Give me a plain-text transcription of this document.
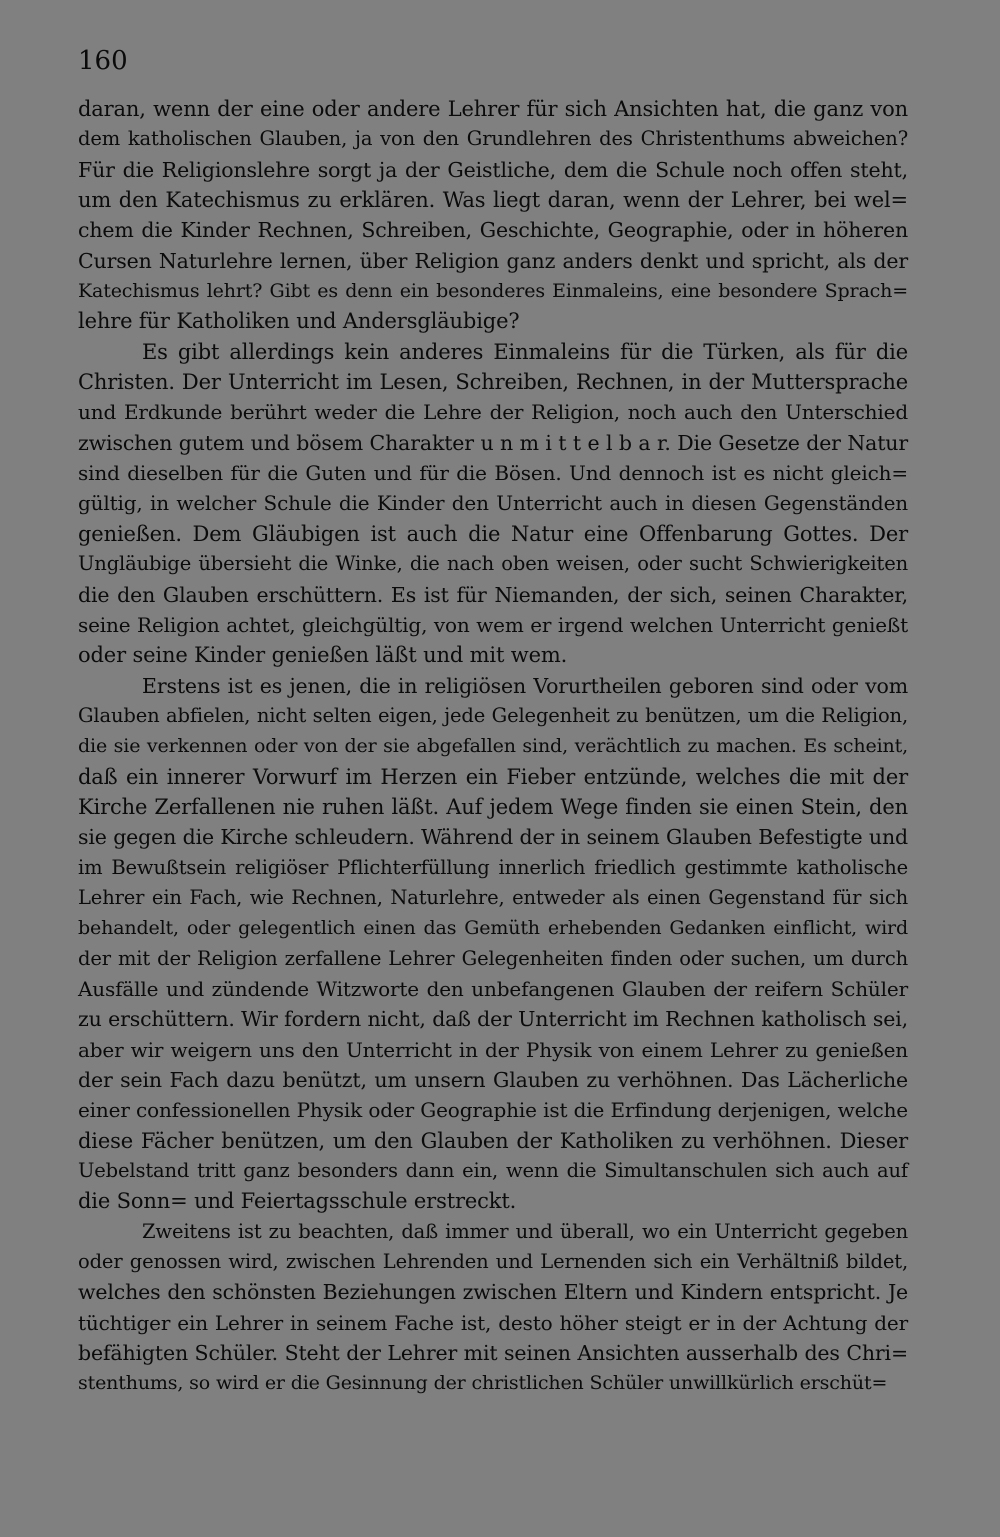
160

daran, wenn der eine oder andere Lehrer für sich Ansichten hat, die ganz von
dem katholischen Glauben, ja von den Grundlehren des Christenthums abweichen?
Für die Religionslehre sorgt ja der Geistliche, dem die Schule noch offen steht,
um den Katechismus zu erklären. Was liegt daran, wenn der Lehrer, bei wel=
chem die Kinder Rechnen, Schreiben, Geschichte, Geographie, oder in höheren
Cursen Naturlehre lernen, über Religion ganz anders denkt und spricht, als der
Katechismus lehrt? Gibt es denn ein besonderes Einmaleins, eine besondere Sprach=
lehre für Katholiken und Andersgläubige?
Es gibt allerdings kein anderes Einmaleins für die Türken, als für die
Christen. Der Unterricht im Lesen, Schreiben, Rechnen, in der Muttersprache
und Erdkunde berührt weder die Lehre der Religion, noch auch den Unterschied
zwischen gutem und bösem Charakter u n m i t t e l b a r. Die Gesetze der Natur
sind dieselben für die Guten und für die Bösen. Und dennoch ist es nicht gleich=
gültig, in welcher Schule die Kinder den Unterricht auch in diesen Gegenständen
genießen. Dem Gläubigen ist auch die Natur eine Offenbarung Gottes. Der
Ungläubige übersieht die Winke, die nach oben weisen, oder sucht Schwierigkeiten
die den Glauben erschüttern. Es ist für Niemanden, der sich, seinen Charakter,
seine Religion achtet, gleichgültig, von wem er irgend welchen Unterricht genießt
oder seine Kinder genießen läßt und mit wem.
Erstens ist es jenen, die in religiösen Vorurtheilen geboren sind oder vom
Glauben abfielen, nicht selten eigen, jede Gelegenheit zu benützen, um die Religion,
die sie verkennen oder von der sie abgefallen sind, verächtlich zu machen. Es scheint,
daß ein innerer Vorwurf im Herzen ein Fieber entzünde, welches die mit der
Kirche Zerfallenen nie ruhen läßt. Auf jedem Wege finden sie einen Stein, den
sie gegen die Kirche schleudern. Während der in seinem Glauben Befestigte und
im Bewußtsein religiöser Pflichterfüllung innerlich friedlich gestimmte katholische
Lehrer ein Fach, wie Rechnen, Naturlehre, entweder als einen Gegenstand für sich
behandelt, oder gelegentlich einen das Gemüth erhebenden Gedanken einflicht, wird
der mit der Religion zerfallene Lehrer Gelegenheiten finden oder suchen, um durch
Ausfälle und zündende Witzworte den unbefangenen Glauben der reifern Schüler
zu erschüttern. Wir fordern nicht, daß der Unterricht im Rechnen katholisch sei,
aber wir weigern uns den Unterricht in der Physik von einem Lehrer zu genießen
der sein Fach dazu benützt, um unsern Glauben zu verhöhnen. Das Lächerliche
einer confessionellen Physik oder Geographie ist die Erfindung derjenigen, welche
diese Fächer benützen, um den Glauben der Katholiken zu verhöhnen. Dieser
Uebelstand tritt ganz besonders dann ein, wenn die Simultanschulen sich auch auf
die Sonn= und Feiertagsschule erstreckt.
Zweitens ist zu beachten, daß immer und überall, wo ein Unterricht gegeben
oder genossen wird, zwischen Lehrenden und Lernenden sich ein Verhältniß bildet,
welches den schönsten Beziehungen zwischen Eltern und Kindern entspricht. Je
tüchtiger ein Lehrer in seinem Fache ist, desto höher steigt er in der Achtung der
befähigten Schüler. Steht der Lehrer mit seinen Ansichten ausserhalb des Chri=
stenthums, so wird er die Gesinnung der christlichen Schüler unwillkürlich erschüt=
